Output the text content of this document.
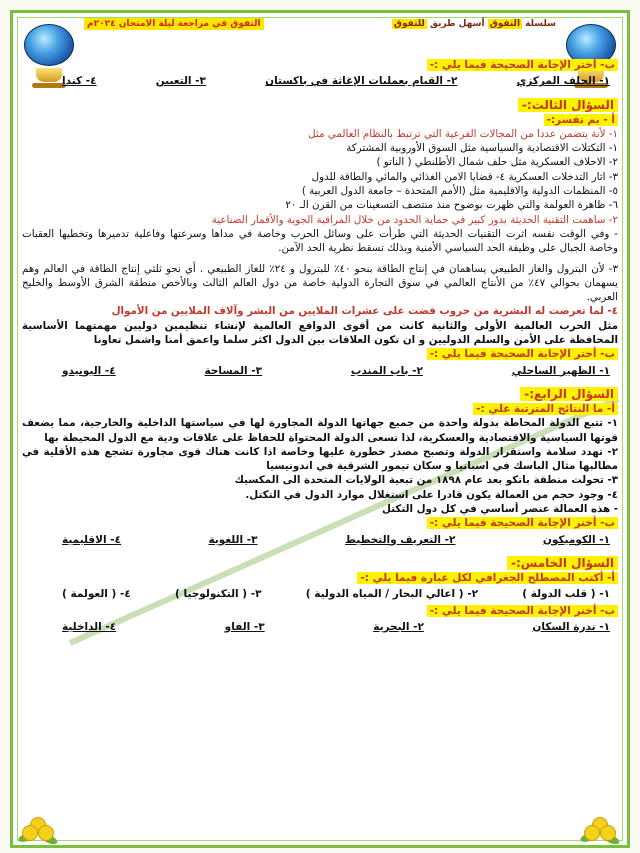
سلسلة التفوق أسهل طريق للتفوق
التفوق في مراجعة ليلة الامتحان ٢٠٢٤م
ب- أختر الإجابة الصحيحة فيما يلي :-
١- الحلف المركزي
٢- القيام بعمليات الإغاثة في باكستان
٣- التعيين
٤- كندا
السؤال الثالث:-
أ - بم تفسر:-

١- لأنة يتضمن عددا من المجالات الفرعية التي ترتبط بالنظام العالمي مثل

١- التكتلات الاقتصادية والسياسية مثل السوق الأوروبية المشتركة

٢- الاحلاف العسكرية مثل حلف شمال الأطلنطي ( الناتو )

٣- اثار التدخلات العسكرية ٤- قضايا الامن الغذائي والمائي والطاقة للدول

٥- المنظمات الدولية والاقليمية مثل (الأمم المتحدة – جامعة الدول العربية )

٦- ظاهرة العولمة والتي ظهرت بوضوح منذ منتصف التسعينات من القرن الـ ٢٠

٢- ساهمت التقنية الحديثة بدور كبير في حماية الحدود من خلال المراقبة الجوية والأقمار الصناعية

- وفي الوقت نفسه اثرت التقنيات الحديثة التي طرأت على وسائل الحرب وخاصة في مداها وسرعتها وفاعلية تدميرها وتخطيها العقبات وخاصة الجبال على وظيفة الحد السياسي الأمنية وبذلك تسقط نظرية الحد الآمن.

٣- لأن البترول والغاز الطبيعي يساهمان في إنتاج الطاقة بنحو ٤٠٪ للبترول و ٢٤٪ للغاز الطبيعي . أي نحو ثلثي إنتاج الطاقة في العالم وهم يسهمان بحوالي ٤٧٪ من الأنتاج العالمي في سوق التجارة الدولية خاصة من دول العالم الثالث وبالأخص منطقة الشرق الأوسط والخليج العربي.

٤- لما تعرضت له البشرية من حروب قضت على عشرات الملايين من البشر وآلاف الملايين من الأموال

مثل الحرب العالمية الأولى والثانية كانت من أقوى الدوافع العالمية لإنشاء تنظيمين دوليين مهمتهما الأساسية المحافظة على الأمن والسلم الدوليين و ان تكون العلاقات بين الدول اكثر سلما واعمق أمنا واشمل تعاونا

ب- أختر الإجابة الصحيحة فيما يلي :-
١- الظهير الساحلي
٢- باب المندب
٣- المساحة
٤- اليونيدو
السؤال الرابع:-
أ- ما النتائج المترتبة علي :-

١- تتبع الدولة المحاطة بدولة واحدة من جميع جهاتها الدولة المجاورة لها في سياستها الداخلية والخارجية، مما يضعف قوتها السياسية والاقتصادية والعسكرية، لذا تسعى الدولة المحتواة للحفاظ على علاقات ودية مع الدول المحيطة بها

٢- تهدد سلامة واستقرار الدولة وتصبح مصدر خطورة عليها وخاصة اذا كانت هناك قوى مجاورة تشجع هذه الأقلية في مطالبها مثال الباسك في اسبانيا و سكان تيمور الشرقية في اندونيسيا

٣- تحولت منطقة باتكو بعد عام ١٨٩٨ من تبعية الولايات المتحدة الى المكسيك

٤- وجود حجم من العمالة يكون قادرا على استغلال موارد الدول في التكتل.

- هذه العمالة عنصر أساسي في كل دول التكتل

ب- أختر الإجابة الصحيحة فيما يلي :-
١- الكوميكون
٢- التعريف والتخطيط
٣- اللغوية
٤- الاقليمية
السؤال الخامس:-
أ- أكتب المصطلح الجغرافي لكل عبارة فيما يلي :-
١- ( قلب الدولة )
٢- ( اعالي البحار / المياه الدولية )
٣- ( التكنولوجيا )
٤- ( العولمة )
ب- أختر الإجابة الصحيحة فيما يلي :-
١- ندرة السكان
٢- البحرية
٣- الفاو
٤- الداخلية
